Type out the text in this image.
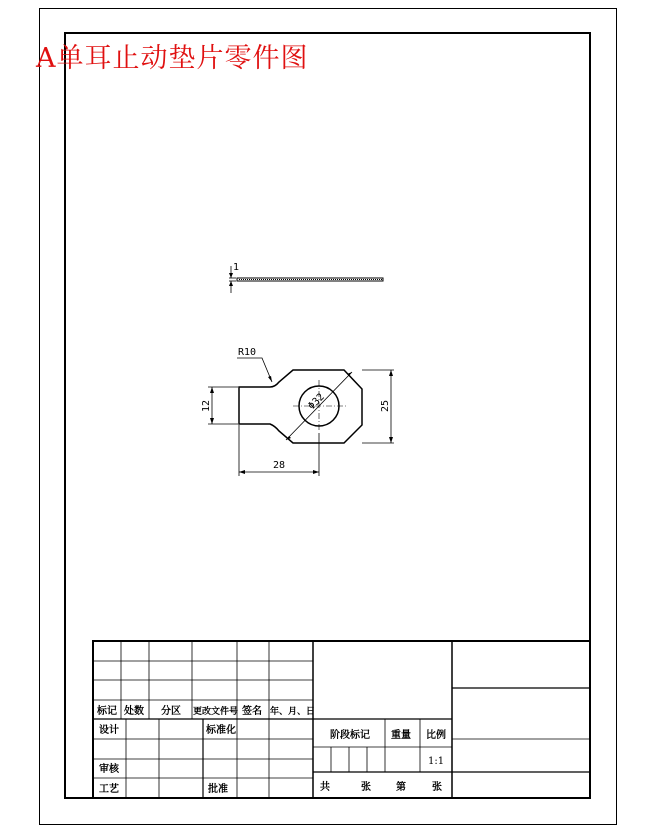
1
R10
Φ32
12	25
28
标记 处数 分区 更改文件号 签名 年、月、日
设计	标准化
审核
工艺	批准
阶段标记 重量 比例
1:1
共	张	第	张
A单耳止动垫片零件图
